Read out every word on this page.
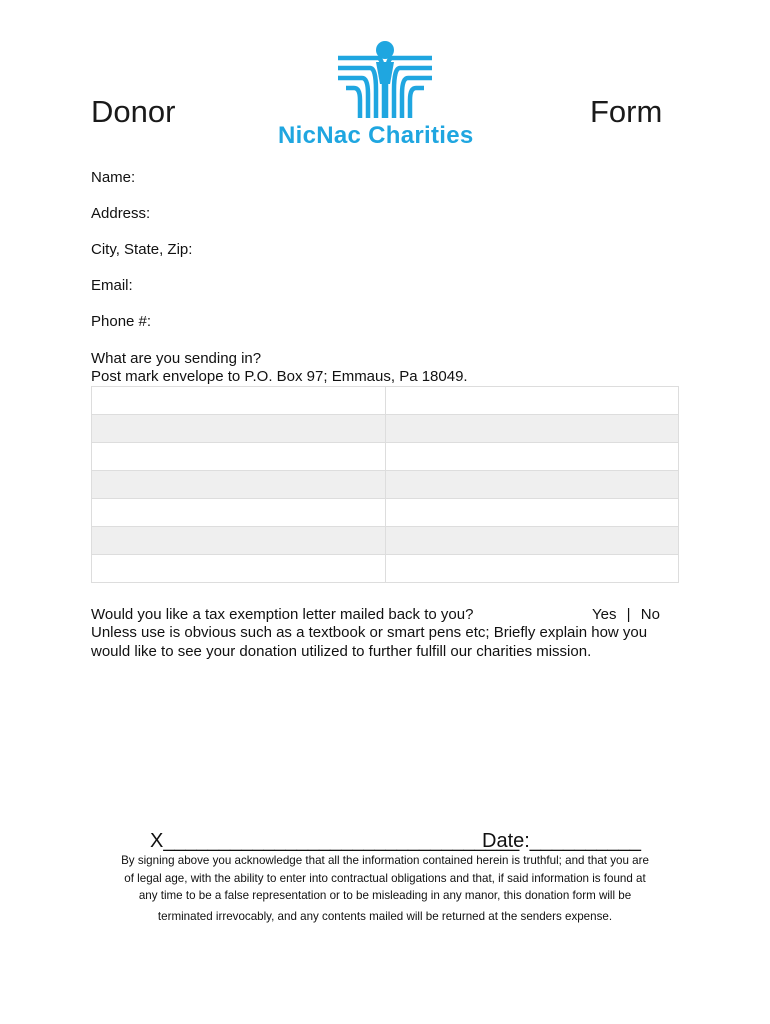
Donor	Form
NicNac Charities
Name:
Address:
City, State, Zip:
Email:
Phone #:
What are you sending in?
Post mark envelope to P.O. Box 97; Emmaus, Pa 18049.

Would you like a tax exemption letter mailed back to you?	Yes | No
Unless use is obvious such as a textbook or smart pens etc; Briefly explain how you
would like to see your donation utilized to further fulfill our charities mission.
X________________________________
Date:__________

By signing above you acknowledge that all the information contained herein is truthful; and that you are

of legal age, with the ability to enter into contractual obligations and that, if said information is found at

any time to be a false representation or to be misleading in any manor, this donation form will be

terminated irrevocably, and any contents mailed will be returned at the senders expense.
